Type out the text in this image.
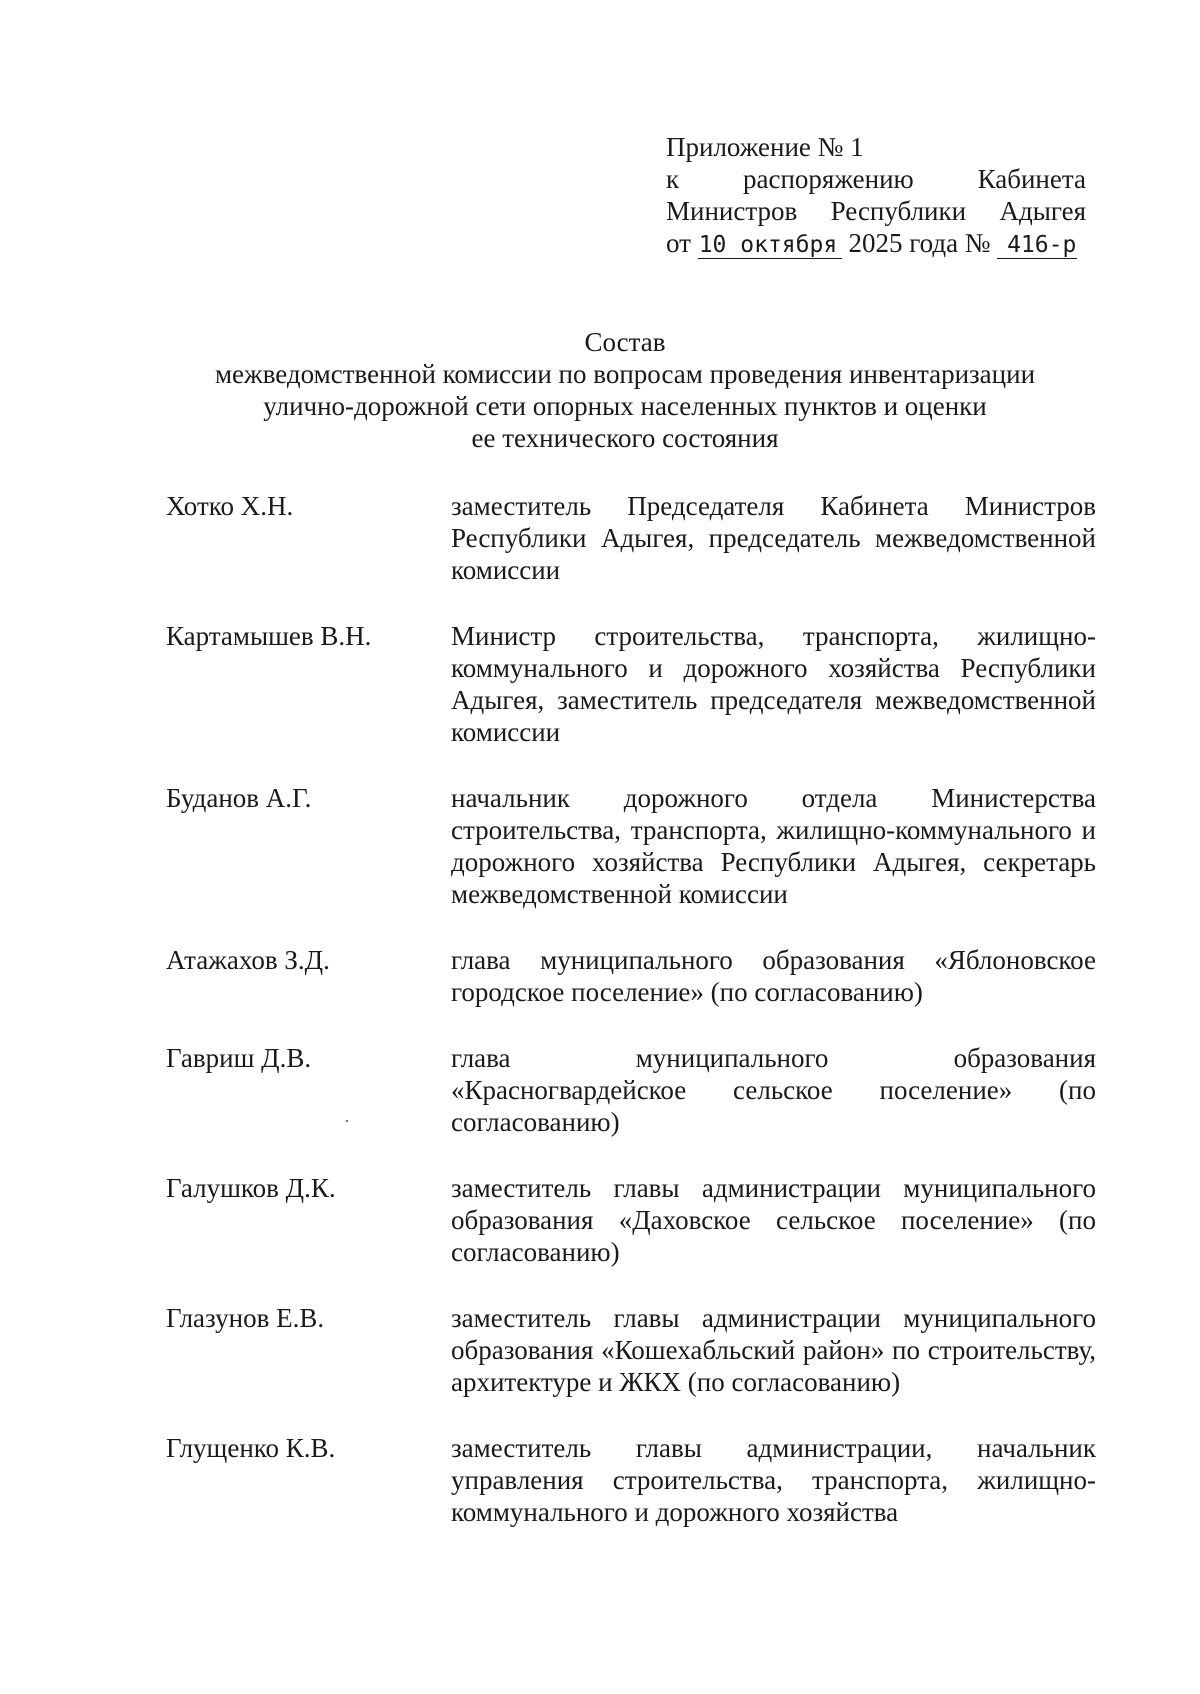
Приложение № 1
к распоряжению Кабинета
Министров Республики Адыгея
от 10 октября 2025 года № 416-р
Состав
межведомственной комиссии по вопросам проведения инвентаризации
улично-дорожной сети опорных населенных пунктов и оценки
ее технического состояния
Хотко Х.Н.	заместитель Председателя Кабинета Министров Республики Адыгея, председатель межведомственной комиссии
Картамышев В.Н.	Министр строительства, транспорта, жилищно-коммунального и дорожного хозяйства Республики Адыгея, заместитель председателя межведомственной комиссии
Буданов А.Г.	начальник дорожного отдела Министерства строительства, транспорта, жилищно-коммунального и дорожного хозяйства Республики Адыгея, секретарь межведомственной комиссии
Атажахов З.Д.	глава муниципального образования «Яблоновское городское поселение» (по согласованию)
Гавриш Д.В.	глава муниципального образования «Красногвардейское сельское поселение» (по согласованию)
Галушков Д.К.	заместитель главы администрации муниципального образования «Даховское сельское поселение» (по согласованию)
Глазунов Е.В.	заместитель главы администрации муниципального образования «Кошехабльский район» по строительству, архитектуре и ЖКХ (по согласованию)
Глущенко К.В.	заместитель главы администрации, начальник управления строительства, транспорта, жилищно-коммунального и дорожного хозяйства
